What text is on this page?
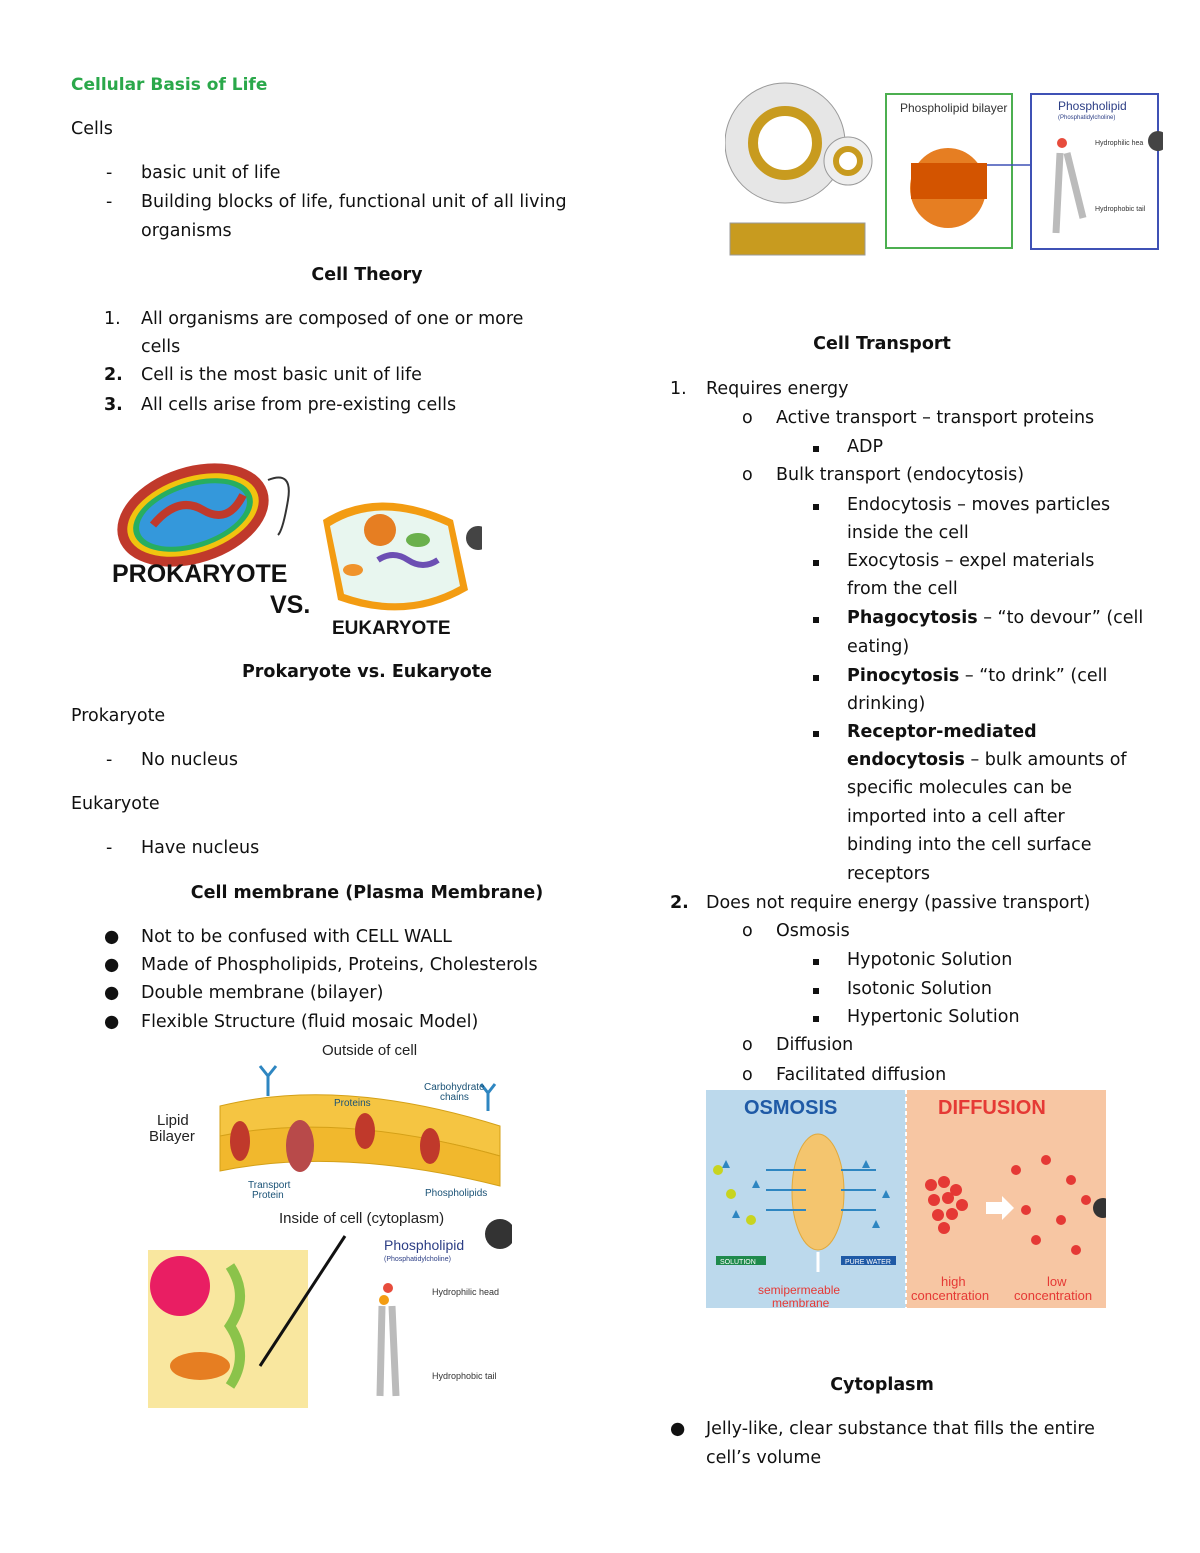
Cellular Basis of Life
Cells
- basic unit of life
- Building blocks of life, functional unit of all living
organisms
Cell Theory
1. All organisms are composed of one or more
cells
2. Cell is the most basic unit of life
3. All cells arise from pre-existing cells
PROKARYOTE
VS.
EUKARYOTE
Prokaryote vs. Eukaryote
Prokaryote
- No nucleus
Eukaryote
- Have nucleus
Cell membrane (Plasma Membrane)
● Not to be confused with CELL WALL
● Made of Phospholipids, Proteins, Cholesterols
● Double membrane (bilayer)
● Flexible Structure (fluid mosaic Model)
Outside of cell
Lipid
Bilayer
Proteins
Carbohydrate
chains
Transport
Protein	Phospholipids
Inside of cell (cytoplasm)
Phospholipid
(Phosphatidylcholine)
Hydrophilic head
Hydrophobic tail
Phospholipid bilayer	Phospholipid
(Phosphatidylcholine)
Hydrophilic hea
Hydrophobic tail
Cell Transport
1. Requires energy
o Active transport – transport proteins
ADP
o Bulk transport (endocytosis)
Endocytosis – moves particles
inside the cell
Exocytosis – expel materials
from the cell
Phagocytosis – “to devour” (cell
eating)
Pinocytosis – “to drink” (cell
drinking)
Receptor-mediated
endocytosis – bulk amounts of
specific molecules can be
imported into a cell after
binding into the cell surface
receptors
2. Does not require energy (passive transport)
o Osmosis
Hypotonic Solution
Isotonic Solution
Hypertonic Solution
o Diffusion
o Facilitated diffusion
OSMOSIS	DIFFUSION
SOLUTION	PURE WATER
semipermeable
membrane
high
concentration
low
concentration
Cytoplasm
● Jelly-like, clear substance that fills the entire
cell’s volume
